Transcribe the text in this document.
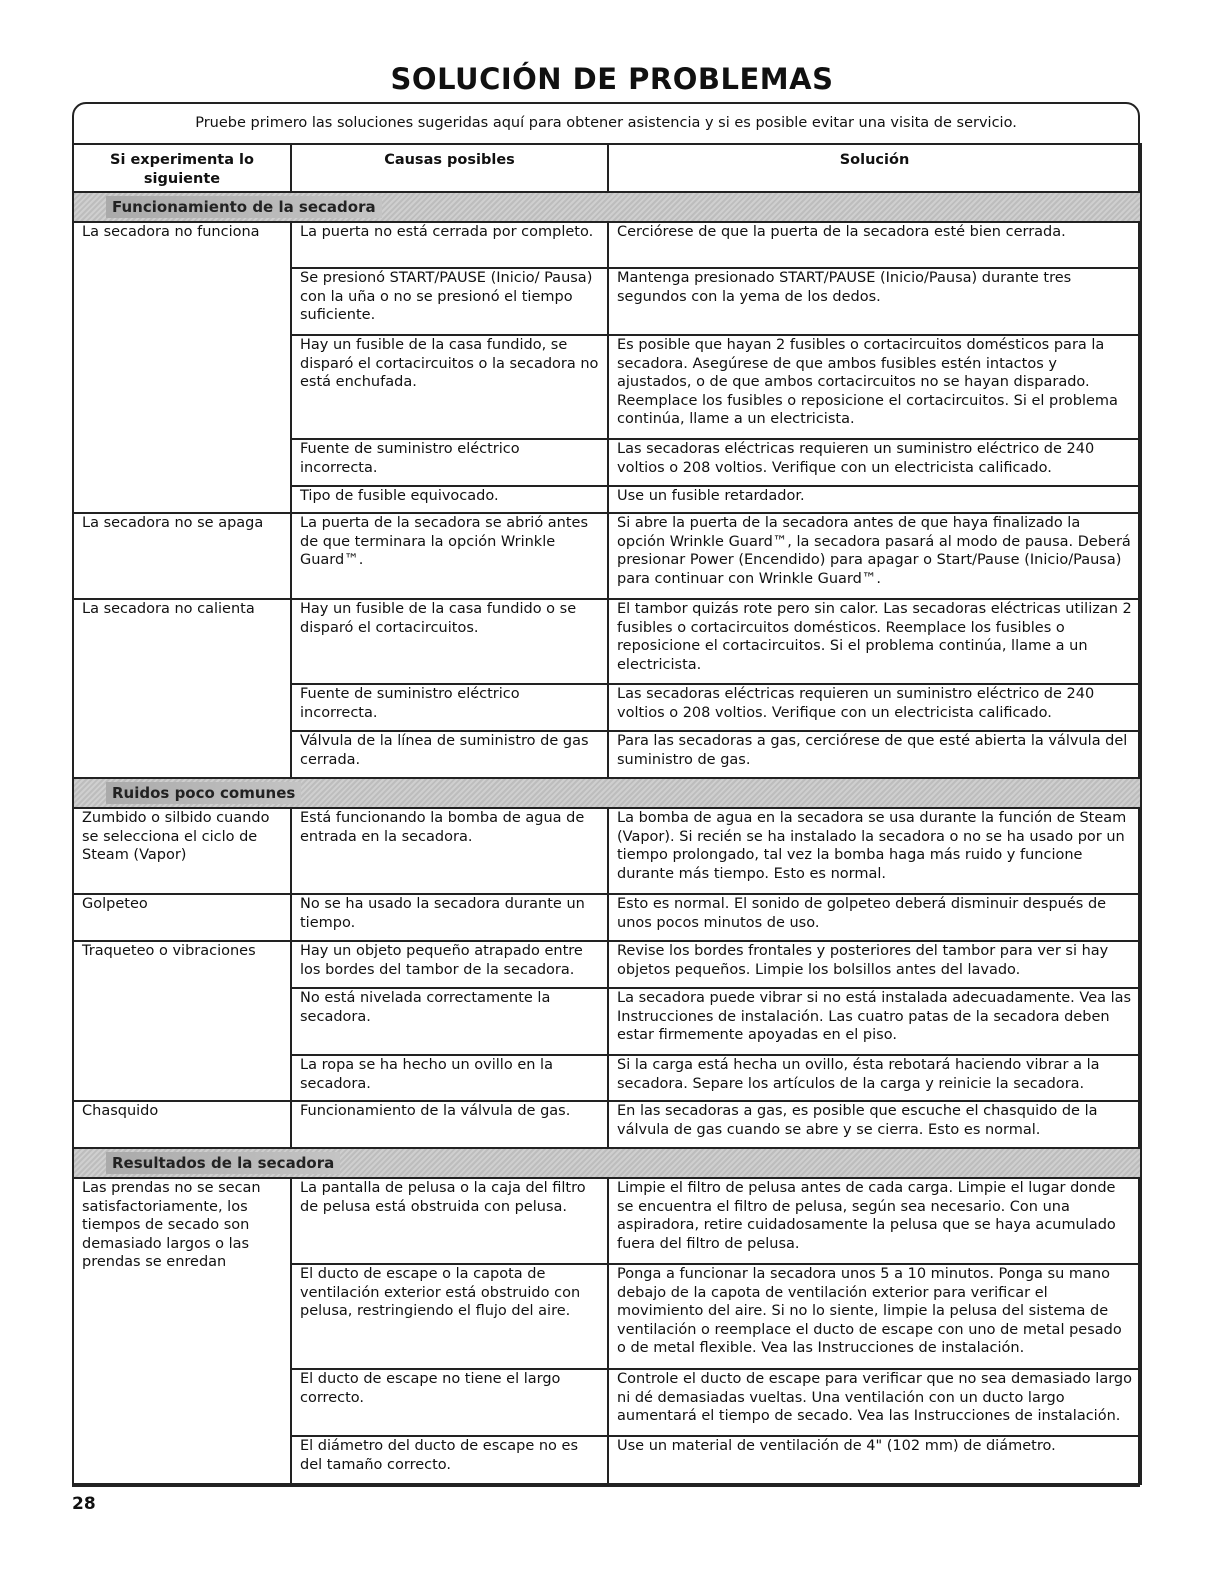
SOLUCIÓN DE PROBLEMAS
Pruebe primero las soluciones sugeridas aquí para obtener asistencia y si es posible evitar una visita de servicio.
Si experimenta lo siguiente	Causas posibles	Solución
Funcionamiento de la secadora		
La secadora no funciona	La puerta no está cerrada por completo.	Cerciórese de que la puerta de la secadora esté bien cerrada.
	Se presionó START/PAUSE (Inicio/ Pausa) con la uña o no se presionó el tiempo suficiente.	Mantenga presionado START/PAUSE (Inicio/Pausa) durante tres segundos con la yema de los dedos.
	Hay un fusible de la casa fundido, se disparó el cortacircuitos o la secadora no está enchufada.	Es posible que hayan 2 fusibles o cortacircuitos domésticos para la secadora. Asegúrese de que ambos fusibles estén intactos y ajustados, o de que ambos cortacircuitos no se hayan disparado. Reemplace los fusibles o reposicione el cortacircuitos. Si el problema continúa, llame a un electricista.
	Fuente de suministro eléctrico incorrecta.	Las secadoras eléctricas requieren un suministro eléctrico de 240 voltios o 208 voltios. Verifique con un electricista calificado.
	Tipo de fusible equivocado.	Use un fusible retardador.
La secadora no se apaga	La puerta de la secadora se abrió antes de que terminara la opción Wrinkle Guard™.	Si abre la puerta de la secadora antes de que haya finalizado la opción Wrinkle Guard™, la secadora pasará al modo de pausa. Deberá presionar Power (Encendido) para apagar o Start/Pause (Inicio/Pausa) para continuar con Wrinkle Guard™.
La secadora no calienta	Hay un fusible de la casa fundido o se disparó el cortacircuitos.	El tambor quizás rote pero sin calor. Las secadoras eléctricas utilizan 2 fusibles o cortacircuitos domésticos. Reemplace los fusibles o reposicione el cortacircuitos. Si el problema continúa, llame a un electricista.
	Fuente de suministro eléctrico incorrecta.	Las secadoras eléctricas requieren un suministro eléctrico de 240 voltios o 208 voltios. Verifique con un electricista calificado.
	Válvula de la línea de suministro de gas cerrada.	Para las secadoras a gas, cerciórese de que esté abierta la válvula del suministro de gas.
Ruidos poco comunes		
Zumbido o silbido cuando se selecciona el ciclo de Steam (Vapor)	Está funcionando la bomba de agua de entrada en la secadora.	La bomba de agua en la secadora se usa durante la función de Steam (Vapor). Si recién se ha instalado la secadora o no se ha usado por un tiempo prolongado, tal vez la bomba haga más ruido y funcione durante más tiempo. Esto es normal.
Golpeteo	No se ha usado la secadora durante un tiempo.	Esto es normal. El sonido de golpeteo deberá disminuir después de unos pocos minutos de uso.
Traqueteo o vibraciones	Hay un objeto pequeño atrapado entre los bordes del tambor de la secadora.	Revise los bordes frontales y posteriores del tambor para ver si hay objetos pequeños. Limpie los bolsillos antes del lavado.
	No está nivelada correctamente la secadora.	La secadora puede vibrar si no está instalada adecuadamente. Vea las Instrucciones de instalación. Las cuatro patas de la secadora deben estar firmemente apoyadas en el piso.
	La ropa se ha hecho un ovillo en la secadora.	Si la carga está hecha un ovillo, ésta rebotará haciendo vibrar a la secadora. Separe los artículos de la carga y reinicie la secadora.
Chasquido	Funcionamiento de la válvula de gas.	En las secadoras a gas, es posible que escuche el chasquido de la válvula de gas cuando se abre y se cierra. Esto es normal.
Resultados de la secadora		
Las prendas no se secan satisfactoriamente, los tiempos de secado son demasiado largos o las prendas se enredan	La pantalla de pelusa o la caja del filtro de pelusa está obstruida con pelusa.	Limpie el filtro de pelusa antes de cada carga. Limpie el lugar donde se encuentra el filtro de pelusa, según sea necesario. Con una aspiradora, retire cuidadosamente la pelusa que se haya acumulado fuera del filtro de pelusa.
	El ducto de escape o la capota de ventilación exterior está obstruido con pelusa, restringiendo el flujo del aire.	Ponga a funcionar la secadora unos 5 a 10 minutos. Ponga su mano debajo de la capota de ventilación exterior para verificar el movimiento del aire. Si no lo siente, limpie la pelusa del sistema de ventilación o reemplace el ducto de escape con uno de metal pesado o de metal flexible. Vea las Instrucciones de instalación.
	El ducto de escape no tiene el largo correcto.	Controle el ducto de escape para verificar que no sea demasiado largo ni dé demasiadas vueltas. Una ventilación con un ducto largo aumentará el tiempo de secado. Vea las Instrucciones de instalación.
	El diámetro del ducto de escape no es del tamaño correcto.	Use un material de ventilación de 4" (102 mm) de diámetro.
28
